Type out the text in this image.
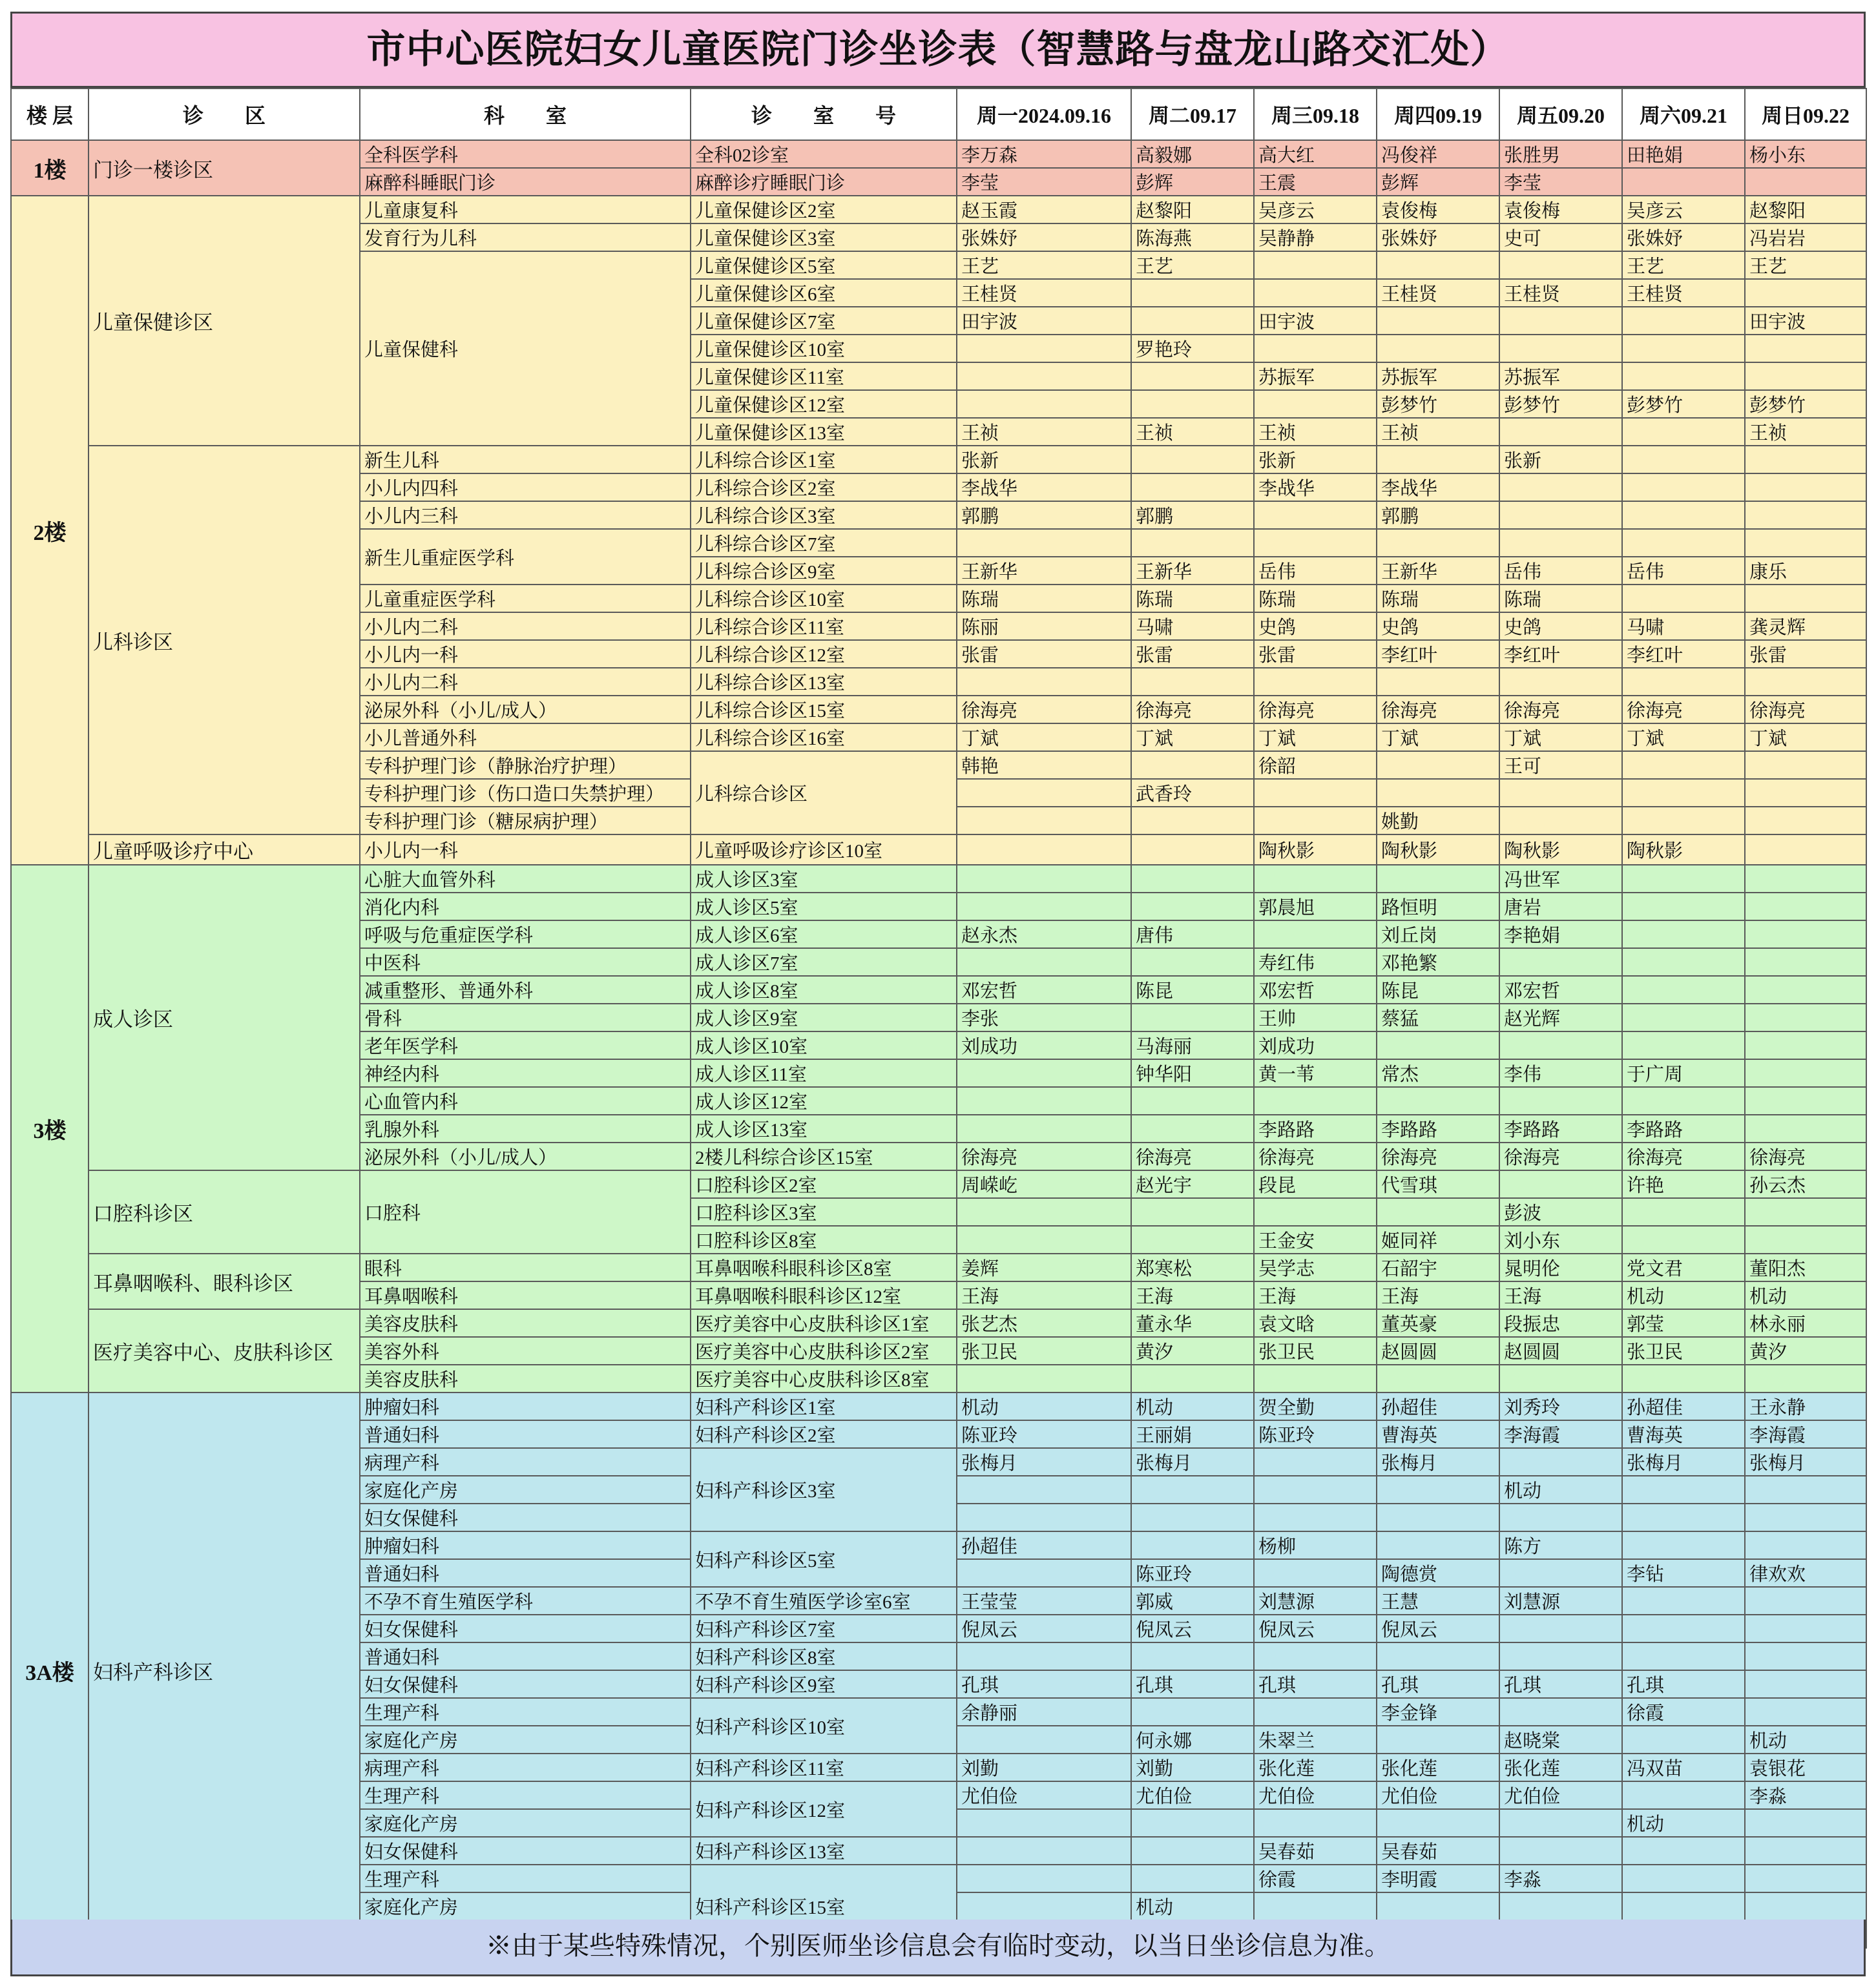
市中心医院妇女儿童医院门诊坐诊表（智慧路与盘龙山路交汇处）
楼 层	诊　　区	科　　室	诊　　室　　号	周一2024.09.16	周二09.17	周三09.18	周四09.19	周五09.20	周六09.21	周日09.22
1楼	门诊一楼诊区	全科医学科	全科02诊室	李万森	高毅娜	高大红	冯俊祥	张胜男	田艳娟	杨小东
		麻醉科睡眠门诊	麻醉诊疗睡眠门诊	李莹	彭辉	王震	彭辉	李莹		
2楼	儿童保健诊区	儿童康复科	儿童保健诊区2室	赵玉霞	赵黎阳	吴彦云	袁俊梅	袁俊梅	吴彦云	赵黎阳
		发育行为儿科	儿童保健诊区3室	张姝妤	陈海燕	吴静静	张姝妤	史可	张姝妤	冯岩岩
		儿童保健科	儿童保健诊区5室	王艺	王艺				王艺	王艺
			儿童保健诊区6室	王桂贤			王桂贤	王桂贤	王桂贤	
			儿童保健诊区7室	田宇波		田宇波				田宇波
			儿童保健诊区10室		罗艳玲					
			儿童保健诊区11室			苏振军	苏振军	苏振军		
			儿童保健诊区12室				彭梦竹	彭梦竹	彭梦竹	彭梦竹
			儿童保健诊区13室	王祯	王祯	王祯	王祯			王祯
	儿科诊区	新生儿科	儿科综合诊区1室	张新		张新		张新		
		小儿内四科	儿科综合诊区2室	李战华		李战华	李战华			
		小儿内三科	儿科综合诊区3室	郭鹏	郭鹏		郭鹏			
		新生儿重症医学科	儿科综合诊区7室							
			儿科综合诊区9室	王新华	王新华	岳伟	王新华	岳伟	岳伟	康乐
		儿童重症医学科	儿科综合诊区10室	陈瑞	陈瑞	陈瑞	陈瑞	陈瑞		
		小儿内二科	儿科综合诊区11室	陈丽	马啸	史鸽	史鸽	史鸽	马啸	龚灵辉
		小儿内一科	儿科综合诊区12室	张雷	张雷	张雷	李红叶	李红叶	李红叶	张雷
		小儿内二科	儿科综合诊区13室							
		泌尿外科（小儿/成人）	儿科综合诊区15室	徐海亮	徐海亮	徐海亮	徐海亮	徐海亮	徐海亮	徐海亮
		小儿普通外科	儿科综合诊区16室	丁斌	丁斌	丁斌	丁斌	丁斌	丁斌	丁斌
		专科护理门诊（静脉治疗护理）	儿科综合诊区	韩艳		徐韶		王可		
		专科护理门诊（伤口造口失禁护理）			武香玲					
		专科护理门诊（糖尿病护理）					姚勤			
	儿童呼吸诊疗中心	小儿内一科	儿童呼吸诊疗诊区10室			陶秋影	陶秋影	陶秋影	陶秋影	
3楼	成人诊区	心脏大血管外科	成人诊区3室					冯世军		
		消化内科	成人诊区5室			郭晨旭	路恒明	唐岩		
		呼吸与危重症医学科	成人诊区6室	赵永杰	唐伟		刘丘岗	李艳娟		
		中医科	成人诊区7室			寿红伟	邓艳繁			
		减重整形、普通外科	成人诊区8室	邓宏哲	陈昆	邓宏哲	陈昆	邓宏哲		
		骨科	成人诊区9室	李张		王帅	蔡猛	赵光辉		
		老年医学科	成人诊区10室	刘成功	马海丽	刘成功				
		神经内科	成人诊区11室		钟华阳	黄一苇	常杰	李伟	于广周	
		心血管内科	成人诊区12室							
		乳腺外科	成人诊区13室			李路路	李路路	李路路	李路路	
		泌尿外科（小儿/成人）	2楼儿科综合诊区15室	徐海亮	徐海亮	徐海亮	徐海亮	徐海亮	徐海亮	徐海亮
	口腔科诊区	口腔科	口腔科诊区2室	周嵘屹	赵光宇	段昆	代雪琪		许艳	孙云杰
			口腔科诊区3室					彭波		
			口腔科诊区8室			王金安	姬同祥	刘小东		
	耳鼻咽喉科、眼科诊区	眼科	耳鼻咽喉科眼科诊区8室	姜辉	郑寒松	吴学志	石韶宇	晁明伦	党文君	董阳杰
		耳鼻咽喉科	耳鼻咽喉科眼科诊区12室	王海	王海	王海	王海	王海	机动	机动
	医疗美容中心、皮肤科诊区	美容皮肤科	医疗美容中心皮肤科诊区1室	张艺杰	董永华	袁文晗	董英豪	段振忠	郭莹	林永丽
		美容外科	医疗美容中心皮肤科诊区2室	张卫民	黄汐	张卫民	赵圆圆	赵圆圆	张卫民	黄汐
		美容皮肤科	医疗美容中心皮肤科诊区8室							
3A楼	妇科产科诊区	肿瘤妇科	妇科产科诊区1室	机动	机动	贺全勤	孙超佳	刘秀玲	孙超佳	王永静
		普通妇科	妇科产科诊区2室	陈亚玲	王丽娟	陈亚玲	曹海英	李海霞	曹海英	李海霞
		病理产科	妇科产科诊区3室	张梅月	张梅月		张梅月		张梅月	张梅月
		家庭化产房						机动		
		妇女保健科								
		肿瘤妇科	妇科产科诊区5室	孙超佳		杨柳		陈方		
		普通妇科			陈亚玲		陶德赏		李钻	律欢欢
		不孕不育生殖医学科	不孕不育生殖医学诊室6室	王莹莹	郭威	刘慧源	王慧	刘慧源		
		妇女保健科	妇科产科诊区7室	倪凤云	倪凤云	倪凤云	倪凤云			
		普通妇科	妇科产科诊区8室							
		妇女保健科	妇科产科诊区9室	孔琪	孔琪	孔琪	孔琪	孔琪	孔琪	
		生理产科	妇科产科诊区10室	余静丽			李金锋		徐霞	
		家庭化产房			何永娜	朱翠兰		赵晓棠		机动
		病理产科	妇科产科诊区11室	刘勤	刘勤	张化莲	张化莲	张化莲	冯双苗	袁银花
		生理产科	妇科产科诊区12室	尤伯俭	尤伯俭	尤伯俭	尤伯俭	尤伯俭		李淼
		家庭化产房							机动	
		妇女保健科	妇科产科诊区13室			吴春茹	吴春茹			
		生理产科	妇科产科诊区15室			徐霞	李明霞	李淼		
		家庭化产房			机动					

※由于某些特殊情况，个别医师坐诊信息会有临时变动，以当日坐诊信息为准。
